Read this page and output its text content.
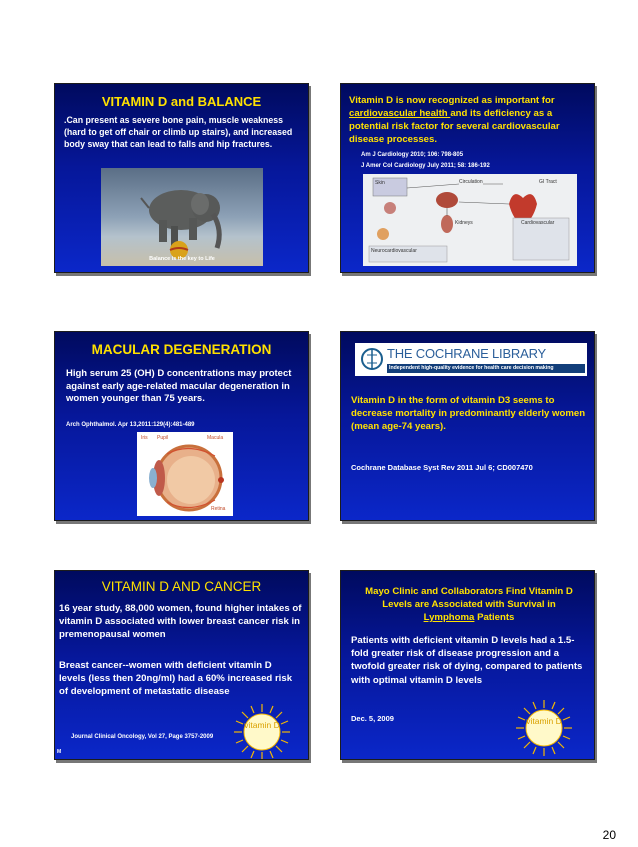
VITAMIN D and BALANCE
.Can present as severe bone pain, muscle weakness (hard to get off chair or climb up stairs), and increased body sway that can lead to falls and hip fractures.
Balance is the key to Life
Vitamin D is now recognized as important for cardiovascular health and its deficiency as a potential risk factor for several cardiovascular disease processes.
Am J Cardiology 2010; 106: 798-805
J Amer Col Cardiology July 2011; 58: 186-192
Circulation	GI Tract
Skin
Cardiovascular
Kidneys
Neurocardiovascular
MACULAR DEGENERATION
High serum 25 (OH) D concentrations may protect against early age-related macular degeneration in women younger than 75 years.
Arch Ophthalmol. Apr 13,2011:129(4):481-489
Iris Pupil	Macula
Retina
THE COCHRANE LIBRARY
Independent high-quality evidence for health care decision making
Vitamin D in the form of vitamin D3 seems to decrease mortality in predominantly elderly women (mean age-74 years).
Cochrane Database Syst Rev 2011 Jul 6; CD007470
VITAMIN D AND CANCER
16 year study, 88,000 women, found higher intakes of vitamin D associated with lower breast cancer risk in premenopausal women
Breast cancer--women with deficient vitamin D levels (less then 20ng/ml) had a 60% increased risk of development of metastatic disease
Journal Clinical Oncology, Vol 27, Page 3757-2009
vitamin D
M
Mayo Clinic and Collaborators Find Vitamin D Levels are Associated with Survival in Lymphoma Patients
Patients with deficient vitamin D levels had a 1.5-fold greater risk of disease progression and a twofold greater risk of dying, compared to patients with optimal vitamin D levels
Dec. 5, 2009	vitamin D
20
